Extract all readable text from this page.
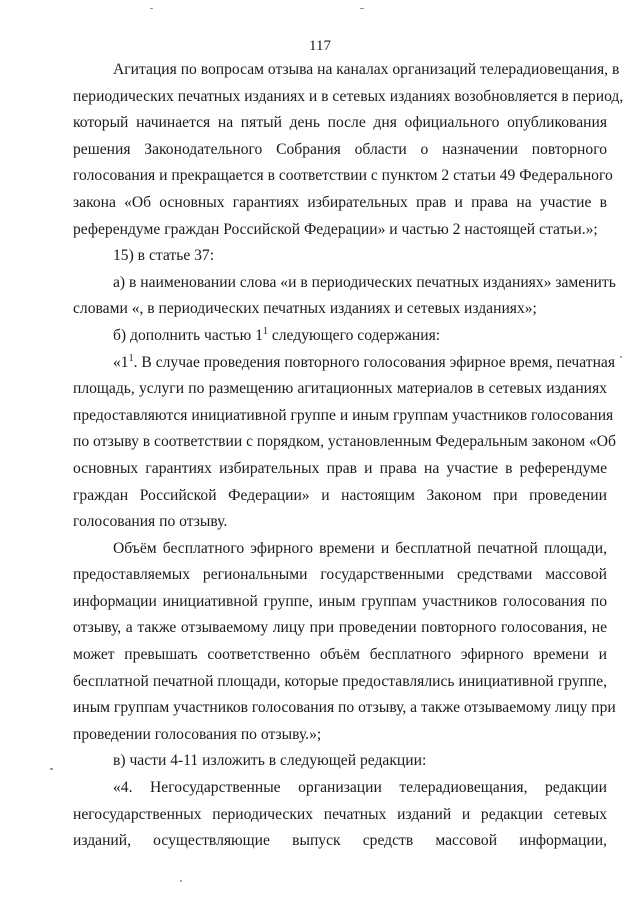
117
Агитация по вопросам отзыва на каналах организаций телерадиовещания, в
периодических печатных изданиях и в сетевых изданиях возобновляется в период,
который начинается на пятый день после дня официального опубликования
решения Законодательного Собрания области о назначении повторного
голосования и прекращается в соответствии с пунктом 2 статьи 49 Федерального
закона «Об основных гарантиях избирательных прав и права на участие в
референдуме граждан Российской Федерации» и частью 2 настоящей статьи.»;
15) в статье 37:
а) в наименовании слова «и в периодических печатных изданиях» заменить
словами «, в периодических печатных изданиях и сетевых изданиях»;
б) дополнить частью $1^1$ следующего содержания:
«$1^1$. В случае проведения повторного голосования эфирное время, печатная
площадь, услуги по размещению агитационных материалов в сетевых изданиях
предоставляются инициативной группе и иным группам участников голосования
по отзыву в соответствии с порядком, установленным Федеральным законом «Об
основных гарантиях избирательных прав и права на участие в референдуме
граждан Российской Федерации» и настоящим Законом при проведении
голосования по отзыву.
Объём бесплатного эфирного времени и бесплатной печатной площади,
предоставляемых региональными государственными средствами массовой
информации инициативной группе, иным группам участников голосования по
отзыву, а также отзываемому лицу при проведении повторного голосования, не
может превышать соответственно объём бесплатного эфирного времени и
бесплатной печатной площади, которые предоставлялись инициативной группе,
иным группам участников голосования по отзыву, а также отзываемому лицу при
проведении голосования по отзыву.»;
в) части 4-11 изложить в следующей редакции:
«4. Негосударственные организации телерадиовещания, редакции
негосударственных периодических печатных изданий и редакции сетевых
изданий, осуществляющие выпуск средств массовой информации,
